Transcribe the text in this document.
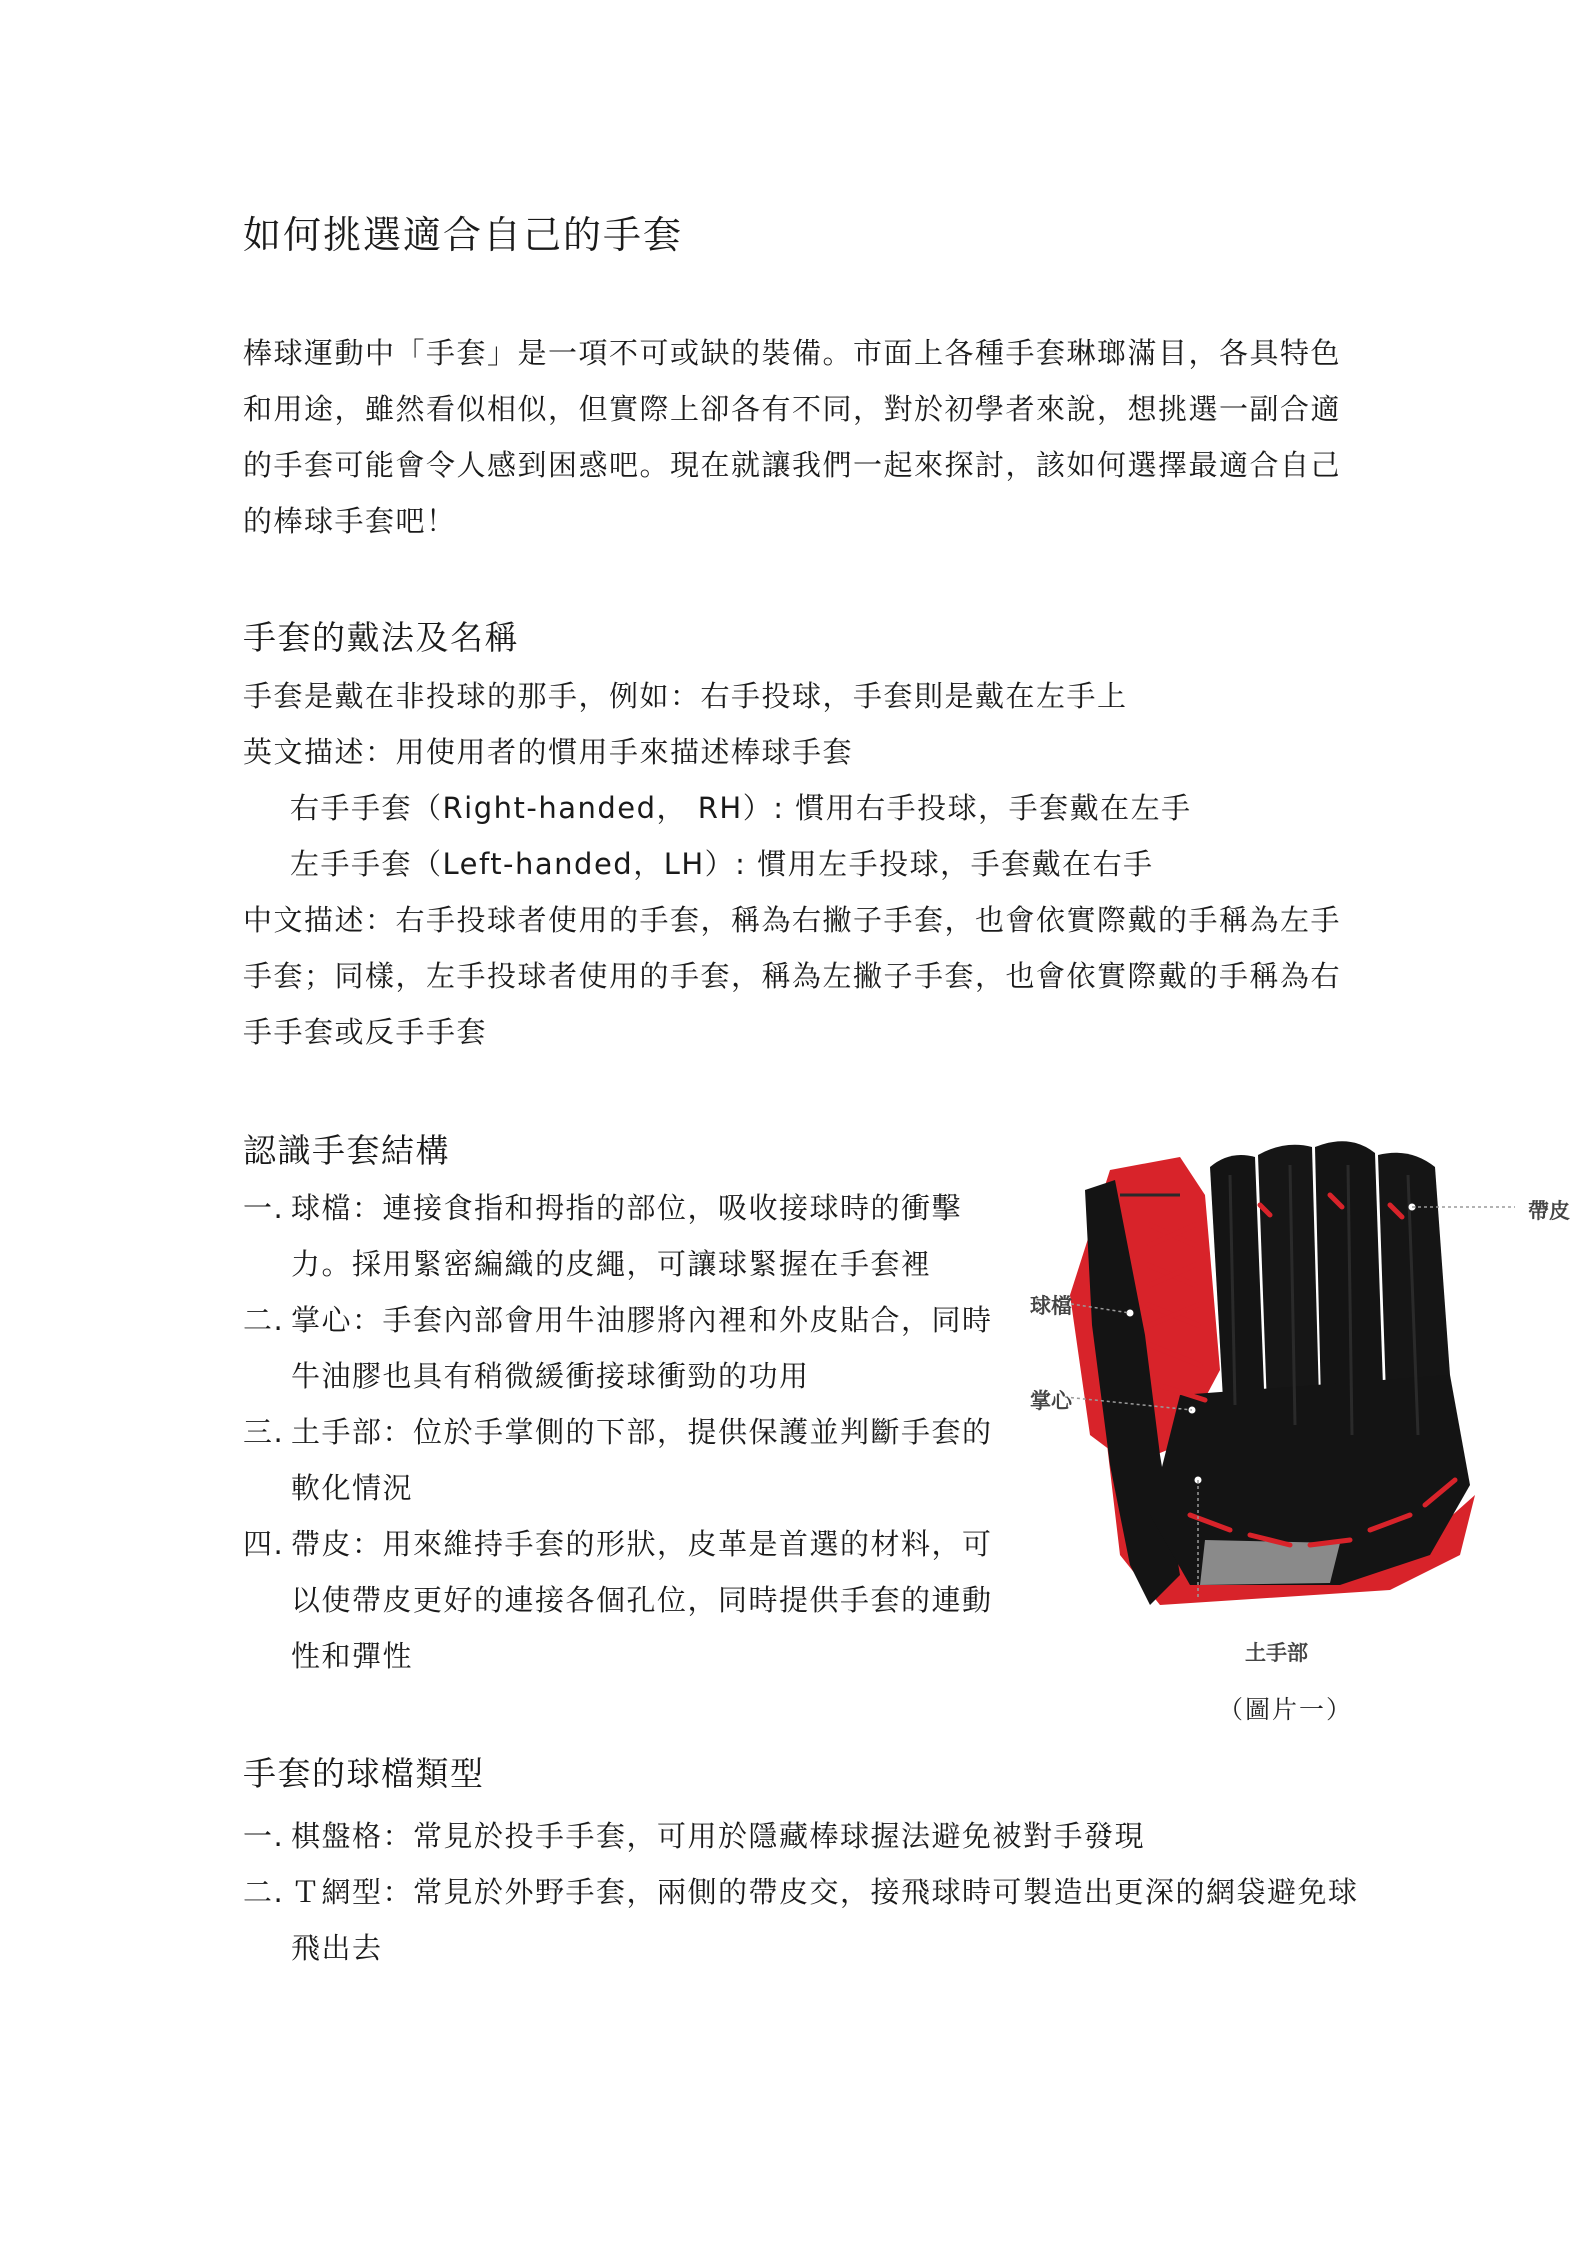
如何挑選適合自己的手套

棒球運動中「手套」是一項不可或缺的裝備。市面上各種手套琳瑯滿目，各具特色和用途，雖然看似相似，但實際上卻各有不同，對於初學者來說，想挑選一副合適的手套可能會令人感到困惑吧。現在就讓我們一起來探討，該如何選擇最適合自己的棒球手套吧！

手套的戴法及名稱

手套是戴在非投球的那手，例如：右手投球，手套則是戴在左手上

英文描述：用使用者的慣用手來描述棒球手套

右手手套（Right-handed， RH）: 慣用右手投球，手套戴在左手

左手手套（Left-handed，LH）: 慣用左手投球，手套戴在右手

中文描述：右手投球者使用的手套，稱為右撇子手套，也會依實際戴的手稱為左手手套；同樣，左手投球者使用的手套，稱為左撇子手套，也會依實際戴的手稱為右手手套或反手手套

認識手套結構
一. 球檔：連接食指和拇指的部位，吸收接球時的衝擊力。採用緊密編織的皮繩，可讓球緊握在手套裡
二. 掌心：手套內部會用牛油膠將內裡和外皮貼合，同時牛油膠也具有稍微緩衝接球衝勁的功用
三. 土手部：位於手掌側的下部，提供保護並判斷手套的軟化情況
四. 帶皮：用來維持手套的形狀，皮革是首選的材料，可以使帶皮更好的連接各個孔位，同時提供手套的連動性和彈性
球檔
掌心
帶皮
土手部
（圖片一）
手套的球檔類型
一. 棋盤格：常見於投手手套，可用於隱藏棒球握法避免被對手發現
二. Ｔ網型：常見於外野手套，兩側的帶皮交，接飛球時可製造出更深的網袋避免球飛出去
